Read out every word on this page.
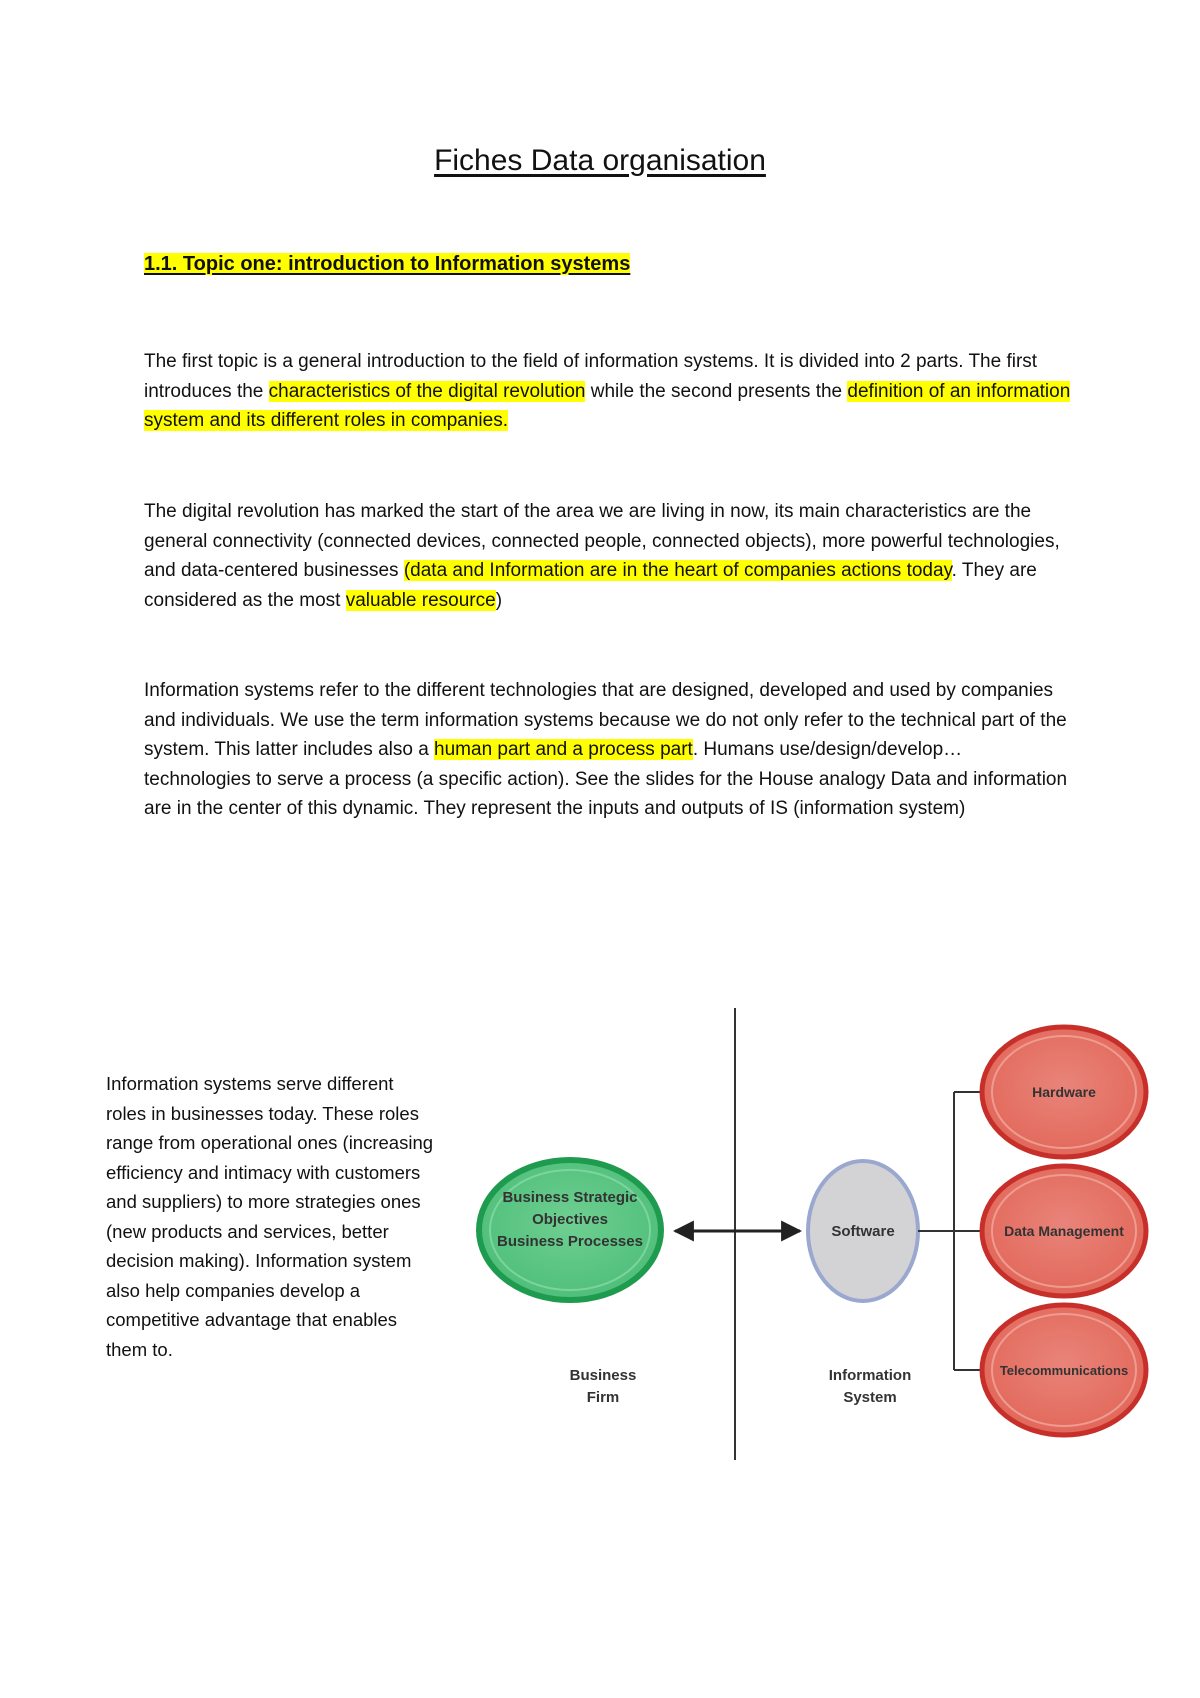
Fiches Data organisation
1.1. Topic one: introduction to Information systems

The first topic is a general introduction to the field of information systems. It is divided into 2 parts. The first introduces the characteristics of the digital revolution while the second presents the definition of an information system and its different roles in companies.

The digital revolution has marked the start of the area we are living in now, its main characteristics are the general connectivity (connected devices, connected people, connected objects), more powerful technologies, and data-centered businesses (data and Information are in the heart of companies actions today. They are considered as the most valuable resource)

Information systems refer to the different technologies that are designed, developed and used by companies and individuals. We use the term information systems because we do not only refer to the technical part of the system. This latter includes also a human part and a process part. Humans use/design/develop… technologies to serve a process (a specific action). See the slides for the House analogy Data and information are in the center of this dynamic. They represent the inputs and outputs of IS (information system)

Information systems serve different roles in businesses today. These roles range from operational ones (increasing efficiency and intimacy with customers and suppliers) to more strategies ones (new products and services, better decision making). Information system also help companies develop a competitive advantage that enables them to.

Business Strategic
Objectives
Business Processes
Software
Hardware
Data Management
Telecommunications
Business
Firm
Information
System
